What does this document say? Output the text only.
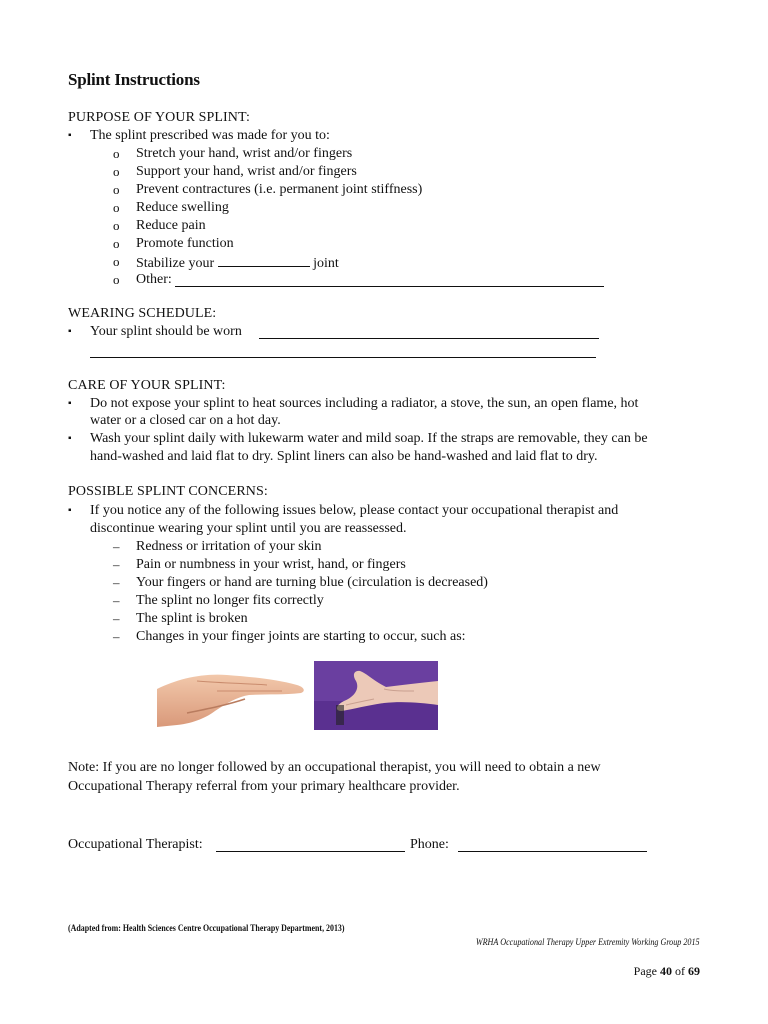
Splint Instructions
PURPOSE OF YOUR SPLINT:
▪ The splint prescribed was made for you to:
o Stretch your hand, wrist and/or fingers
o Support your hand, wrist and/or fingers
o Prevent contractures (i.e. permanent joint stiffness)
o Reduce swelling
o Reduce pain
o Promote function
o Stabilize your	joint
o Other:
WEARING SCHEDULE:
▪ Your splint should be worn
CARE OF YOUR SPLINT:
▪ Do not expose your splint to heat sources including a radiator, a stove, the sun, an open flame, hot
water or a closed car on a hot day.
▪ Wash your splint daily with lukewarm water and mild soap. If the straps are removable, they can be
hand-washed and laid flat to dry. Splint liners can also be hand-washed and laid flat to dry.
POSSIBLE SPLINT CONCERNS:
▪ If you notice any of the following issues below, please contact your occupational therapist and
discontinue wearing your splint until you are reassessed.
– Redness or irritation of your skin
– Pain or numbness in your wrist, hand, or fingers
– Your fingers or hand are turning blue (circulation is decreased)
– The splint no longer fits correctly
– The splint is broken
– Changes in your finger joints are starting to occur, such as:
Note: If you are no longer followed by an occupational therapist, you will need to obtain a new
Occupational Therapy referral from your primary healthcare provider.
Occupational Therapist:	Phone:
(Adapted from: Health Sciences Centre Occupational Therapy Department, 2013)
WRHA Occupational Therapy Upper Extremity Working Group 2015
Page 40 of 69
